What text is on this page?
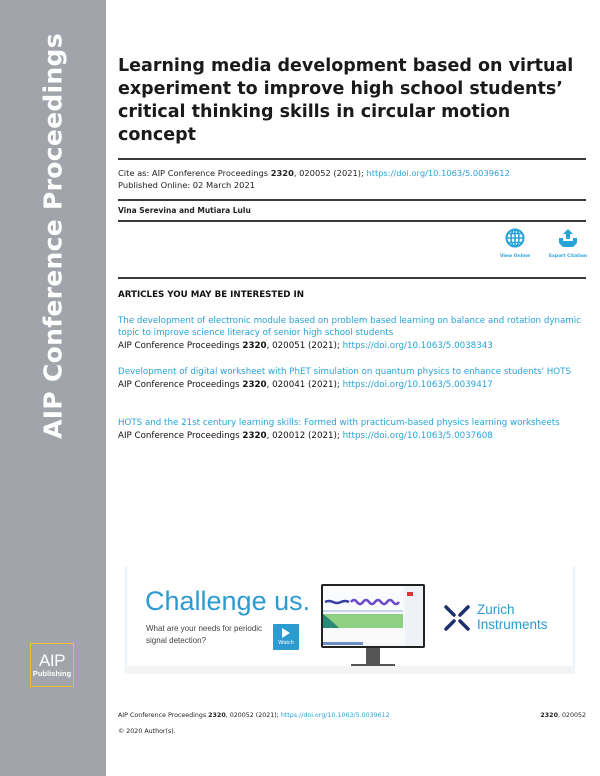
AIP Conference Proceedings
AIP
Publishing
Learning media development based on virtual experiment to improve high school students’ critical thinking skills in circular motion concept
Cite as: AIP Conference Proceedings 2320, 020052 (2021); https://doi.org/10.1063/5.0039612
Published Online: 02 March 2021
Vina Serevina and Mutiara Lulu
View Online	Export Citation
ARTICLES YOU MAY BE INTERESTED IN
The development of electronic module based on problem based learning on balance and rotation dynamic topic to improve science literacy of senior high school students
AIP Conference Proceedings 2320, 020051 (2021); https://doi.org/10.1063/5.0038343
Development of digital worksheet with PhET simulation on quantum physics to enhance students' HOTS
AIP Conference Proceedings 2320, 020041 (2021); https://doi.org/10.1063/5.0039417
HOTS and the 21st century learning skills: Formed with practicum-based physics learning worksheets
AIP Conference Proceedings 2320, 020012 (2021); https://doi.org/10.1063/5.0037608
AIP Conference Proceedings 2320, 020052 (2021); https://doi.org/10.1063/5.0039612	2320, 020052
© 2020 Author(s).
Challenge us.
What are your needs for periodic signal detection?	Watch
Zurich
Instruments
